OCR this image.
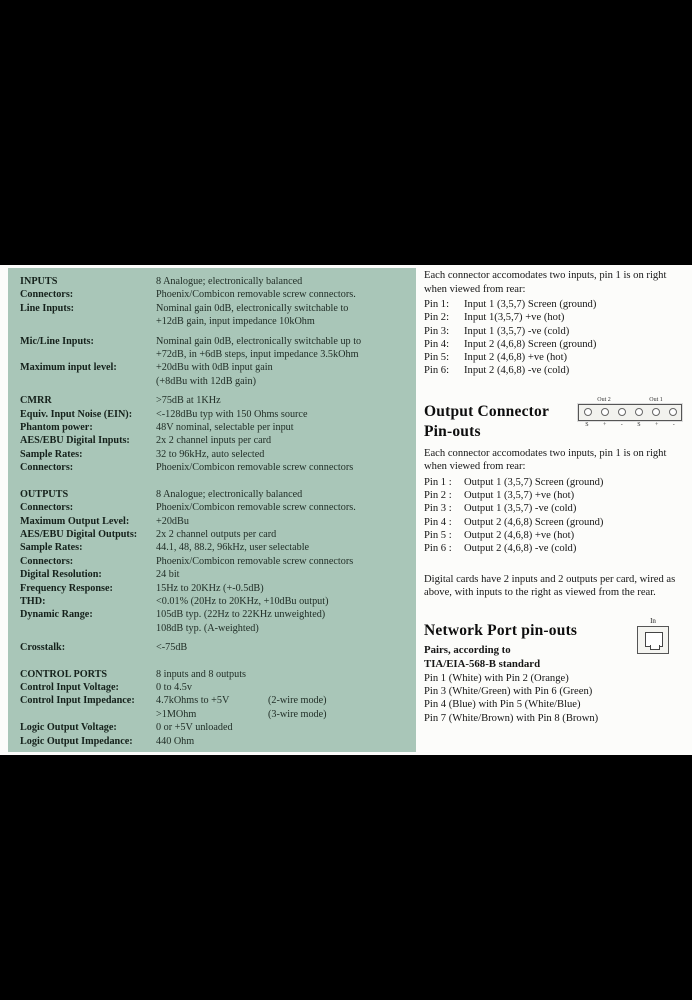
INPUTS	8 Analogue; electronically balanced
Connectors:	Phoenix/Combicon removable screw connectors.
Line Inputs:	Nominal gain 0dB, electronically switchable to
+12dB gain, input impedance 10kOhm
Mic/Line Inputs:	Nominal gain 0dB, electronically switchable up to
+72dB, in +6dB steps, input impedance 3.5kOhm
Maximum input level:	+20dBu with 0dB input gain
(+8dBu with 12dB gain)
CMRR	>75dB at 1KHz
Equiv. Input Noise (EIN):	<-128dBu typ with 150 Ohms source
Phantom power:	48V nominal, selectable per input
AES/EBU Digital Inputs:	2x 2 channel inputs per card
Sample Rates:	32 to 96kHz, auto selected
Connectors:	Phoenix/Combicon removable screw connectors
OUTPUTS	8 Analogue; electronically balanced
Connectors:	Phoenix/Combicon removable screw connectors.
Maximum Output Level:	+20dBu
AES/EBU Digital Outputs:	2x 2 channel outputs per card
Sample Rates:	44.1, 48, 88.2, 96kHz, user selectable
Connectors:	Phoenix/Combicon removable screw connectors
Digital Resolution:	24 bit
Frequency Response:	15Hz to 20KHz (+-0.5dB)
THD:	<0.01% (20Hz to 20KHz, +10dBu output)
Dynamic Range:	105dB typ. (22Hz to 22KHz unweighted)
108dB typ. (A-weighted)
Crosstalk:	<-75dB
CONTROL PORTS	8 inputs and 8 outputs
Control Input Voltage:	0 to 4.5v
Control Input Impedance:	4.7kOhms to +5V	(2-wire mode)
>1MOhm	(3-wire mode)
Logic Output Voltage:	0 or +5V unloaded
Logic Output Impedance:	440 Ohm

Each connector accomodates two inputs, pin 1 is on right when viewed from rear:

Pin 1:	Input 1 (3,5,7) Screen (ground)
Pin 2:	Input 1(3,5,7) +ve (hot)
Pin 3:	Input 1 (3,5,7) -ve (cold)
Pin 4:	Input 2 (4,6,8) Screen (ground)
Pin 5:	Input 2 (4,6,8) +ve (hot)
Pin 6:	Input 2 (4,6,8) -ve (cold)
Output Connector
Pin-outs
Out 2	Out 1
S + - S + -

Each connector accomodates two inputs, pin 1 is on right when viewed from rear:

Pin 1 :	Output 1 (3,5,7) Screen (ground)
Pin 2 :	Output 1 (3,5,7) +ve (hot)
Pin 3 :	Output 1 (3,5,7) -ve (cold)
Pin 4 :	Output 2 (4,6,8) Screen (ground)
Pin 5 :	Output 2 (4,6,8) +ve (hot)
Pin 6 :	Output 2 (4,6,8) -ve (cold)

Digital cards have 2 inputs and 2 outputs per card, wired as above, with inputs to the right as viewed from the rear.

Network Port pin-outs
In

Pairs, according to
TIA/EIA-568-B standard

Pin 1 (White) with Pin 2 (Orange)
Pin 3 (White/Green) with Pin 6 (Green)
Pin 4 (Blue) with Pin 5 (White/Blue)
Pin 7 (White/Brown) with Pin 8 (Brown)
